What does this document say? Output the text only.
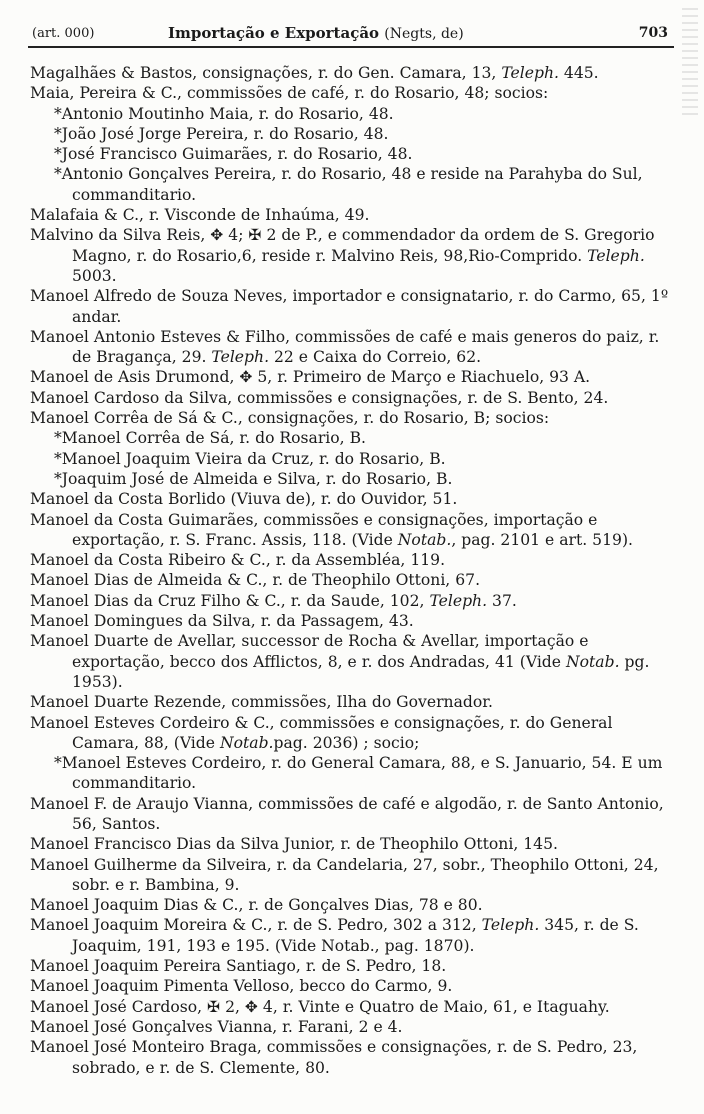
(art. 000)	Importação e Exportação (Negts, de)	703
Magalhães & Bastos, consignações, r. do Gen. Camara, 13, Teleph. 445.
Maia, Pereira & C., commissões de café, r. do Rosario, 48; socios:
*Antonio Moutinho Maia, r. do Rosario, 48.
*João José Jorge Pereira, r. do Rosario, 48.
*José Francisco Guimarães, r. do Rosario, 48.
*Antonio Gonçalves Pereira, r. do Rosario, 48 e reside na Parahyba do Sul, commanditario.
Malafaia & C., r. Visconde de Inhaúma, 49.
Malvino da Silva Reis, ✥ 4; ✠ 2 de P., e commendador da ordem de S. Gregorio Magno, r. do Rosario,6, reside r. Malvino Reis, 98,Rio-Comprido. Teleph. 5003.
Manoel Alfredo de Souza Neves, importador e consignatario, r. do Carmo, 65, 1º andar.
Manoel Antonio Esteves & Filho, commissões de café e mais generos do paiz, r. de Bragança, 29. Teleph. 22 e Caixa do Correio, 62.
Manoel de Asis Drumond, ✥ 5, r. Primeiro de Março e Riachuelo, 93 A.
Manoel Cardoso da Silva, commissões e consignações, r. de S. Bento, 24.
Manoel Corrêa de Sá & C., consignações, r. do Rosario, B; socios:
*Manoel Corrêa de Sá, r. do Rosario, B.
*Manoel Joaquim Vieira da Cruz, r. do Rosario, B.
*Joaquim José de Almeida e Silva, r. do Rosario, B.
Manoel da Costa Borlido (Viuva de), r. do Ouvidor, 51.
Manoel da Costa Guimarães, commissões e consignações, importação e exportação, r. S. Franc. Assis, 118. (Vide Notab., pag. 2101 e art. 519).
Manoel da Costa Ribeiro & C., r. da Assembléa, 119.
Manoel Dias de Almeida & C., r. de Theophilo Ottoni, 67.
Manoel Dias da Cruz Filho & C., r. da Saude, 102, Teleph. 37.
Manoel Domingues da Silva, r. da Passagem, 43.
Manoel Duarte de Avellar, successor de Rocha & Avellar, importação e exportação, becco dos Afflictos, 8, e r. dos Andradas, 41 (Vide Notab. pg. 1953).
Manoel Duarte Rezende, commissões, Ilha do Governador.
Manoel Esteves Cordeiro & C., commissões e consignações, r. do General Camara, 88, (Vide Notab.pag. 2036) ; socio;
*Manoel Esteves Cordeiro, r. do General Camara, 88, e S. Januario, 54. E um commanditario.
Manoel F. de Araujo Vianna, commissões de café e algodão, r. de Santo Antonio, 56, Santos.
Manoel Francisco Dias da Silva Junior, r. de Theophilo Ottoni, 145.
Manoel Guilherme da Silveira, r. da Candelaria, 27, sobr., Theophilo Ottoni, 24, sobr. e r. Bambina, 9.
Manoel Joaquim Dias & C., r. de Gonçalves Dias, 78 e 80.
Manoel Joaquim Moreira & C., r. de S. Pedro, 302 a 312, Teleph. 345, r. de S. Joaquim, 191, 193 e 195. (Vide Notab., pag. 1870).
Manoel Joaquim Pereira Santiago, r. de S. Pedro, 18.
Manoel Joaquim Pimenta Velloso, becco do Carmo, 9.
Manoel José Cardoso, ✠ 2, ✥ 4, r. Vinte e Quatro de Maio, 61, e Itaguahy.
Manoel José Gonçalves Vianna, r. Farani, 2 e 4.
Manoel José Monteiro Braga, commissões e consignações, r. de S. Pedro, 23, sobrado, e r. de S. Clemente, 80.
